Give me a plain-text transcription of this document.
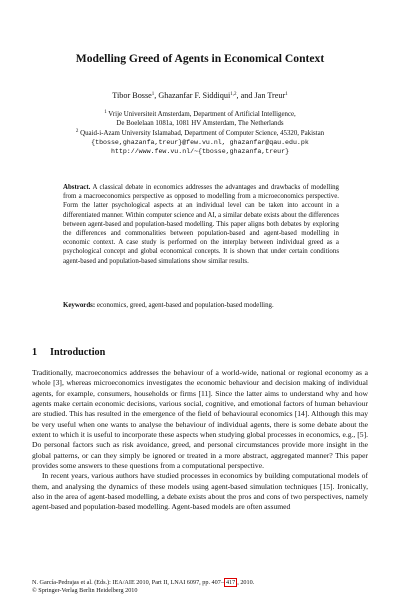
Modelling Greed of Agents in Economical Context
Tibor Bosse$^1$, Ghazanfar F. Siddiqui$^{1,2}$, and Jan Treur$^1$
$^1$ Vrije Universiteit Amsterdam, Department of Artificial Intelligence,
De Boelelaan 1081a, 1081 HV Amsterdam, The Netherlands
$^2$ Quaid-i-Azam University Islamabad, Department of Computer Science, 45320, Pakistan
{tbosse,ghazanfa,treur}@few.vu.nl, ghazanfar@qau.edu.pk
http://www.few.vu.nl/~{tbosse,ghazanfa,treur}
Abstract. A classical debate in economics addresses the advantages and drawbacks of modelling from a macroeconomics perspective as opposed to modelling from a microeconomics perspective. Form the latter psychological aspects at an individual level can be taken into account in a differentiated manner. Within computer science and AI, a similar debate exists about the differences between agent-based and population-based modelling. This paper aligns both debates by exploring the differences and commonalities between population-based and agent-based modelling in economic context. A case study is performed on the interplay between individual greed as a psychological concept and global economical concepts. It is shown that under certain conditions agent-based and population-based simulations show similar results.
Keywords: economics, greed, agent-based and population-based modelling.
1 Introduction

Traditionally, macroeconomics addresses the behaviour of a world-wide, national or regional economy as a whole [3], whereas microeconomics investigates the economic behaviour and decision making of individual agents, for example, consumers, households or firms [11]. Since the latter aims to understand why and how agents make certain economic decisions, various social, cognitive, and emotional factors of human behaviour are studied. This has resulted in the emergence of the field of behavioural economics [14]. Although this may be very useful when one wants to analyse the behaviour of individual agents, there is some debate about the extent to which it is useful to incorporate these aspects when studying global processes in economics, e.g., [5]. Do personal factors such as risk avoidance, greed, and personal circumstances provide more insight in the global patterns, or can they simply be ignored or treated in a more abstract, aggregated manner? This paper provides some answers to these questions from a computational perspective.

In recent years, various authors have studied processes in economics by building computational models of them, and analysing the dynamics of these models using agent-based simulation techniques [15]. Ironically, also in the area of agent-based modelling, a debate exists about the pros and cons of two perspectives, namely agent-based and population-based modelling. Agent-based models are often assumed

N. García-Pedrajas et al. (Eds.): IEA/AIE 2010, Part II, LNAI 6097, pp. 407– 417 , 2010.
© Springer-Verlag Berlin Heidelberg 2010
